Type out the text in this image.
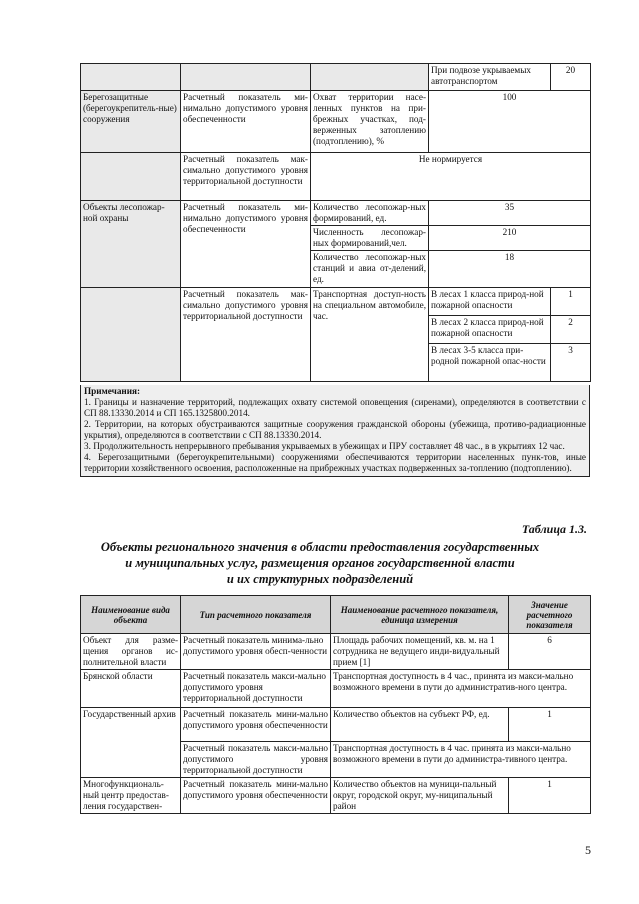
			При подвозе укрываемых автотранспортом	20
Берегозащитные (берегоукрепитель-ные) сооружения	Расчетный показатель ми-нимально допустимого уровня обеспеченности	Охват территории насе-ленных пунктов на при-брежных участках, под-верженных затоплению (подтоплению), %	100	
	Расчетный показатель мак-симально допустимого уровня территориальной доступности	Не нормируется		
Объекты лесопожар-ной охраны	Расчетный показатель ми-нимально допустимого уровня обеспеченности	Количество лесопожар-ных формирований, ед.	35	
		Численность лесопожар-ных формирований,чел.	210	
		Количество лесопожар-ных станций и авиа от-делений, ед.	18	
	Расчетный показатель мак-симально допустимого уровня территориальной доступности	Транспортная доступ-ность на специальном автомобиле, час.	В лесах 1 класса природ-ной пожарной опасности	1
			В лесах 2 класса природ-ной пожарной опасности	2
			В лесах 3-5 класса при-родной пожарной опас-ности	3
Примечания:

1. Границы и назначение территорий, подлежащих охвату системой оповещения (сиренами), определяются в соответствии с СП 88.13330.2014 и СП 165.1325800.2014.

2. Территории, на которых обустраиваются защитные сооружения гражданской обороны (убежища, противо-радиационные укрытия), определяются в соответствии с СП 88.13330.2014.

3. Продолжительность непрерывного пребывания укрываемых в убежищах и ПРУ составляет 48 час., в в укрытиях 12 час.

4. Берегозащитными (берегоукрепительными) сооружениями обеспечиваются территории населенных пунк-тов, иные территории хозяйственного освоения, расположенные на прибрежных участках подверженных за-топлению (подтоплению).

Таблица 1.3.
Объекты регионального значения в области предоставления государственных
и муниципальных услуг, размещения органов государственной власти
и их структурных подразделений
Наименование вида объекта	Тип расчетного показателя	Наименование расчетного показателя, единица измерения	Значение расчетного показателя
Объект для разме-щения органов ис-полнительной власти	Расчетный показатель минима-льно допустимого уровня обесп-ченности	Площадь рабочих помещений, кв. м. на 1 сотрудника не ведущего инди-видуальный прием [1]	6
Брянской области	Расчетный показатель макси-мально допустимого уровня территориальной доступности	Транспортная доступность в 4 час., принята из макси-мально возможного времени в пути до административ-ного центра.	
Государственный архив	Расчетный показатель мини-мально допустимого уровня обеспеченности	Количество объектов на субъект РФ, ед.	1
	Расчетный показатель макси-мально допустимого уровня территориальной доступности	Транспортная доступность в 4 час. принята из макси-мально возможного времени в пути до администра-тивного центра.	
Многофункциональ-ный центр предостав-ления государствен-	Расчетный показатель мини-мально допустимого уровня обеспеченности	Количество объектов на муници-пальный округ, городской округ, му-ниципальный район	1
5
